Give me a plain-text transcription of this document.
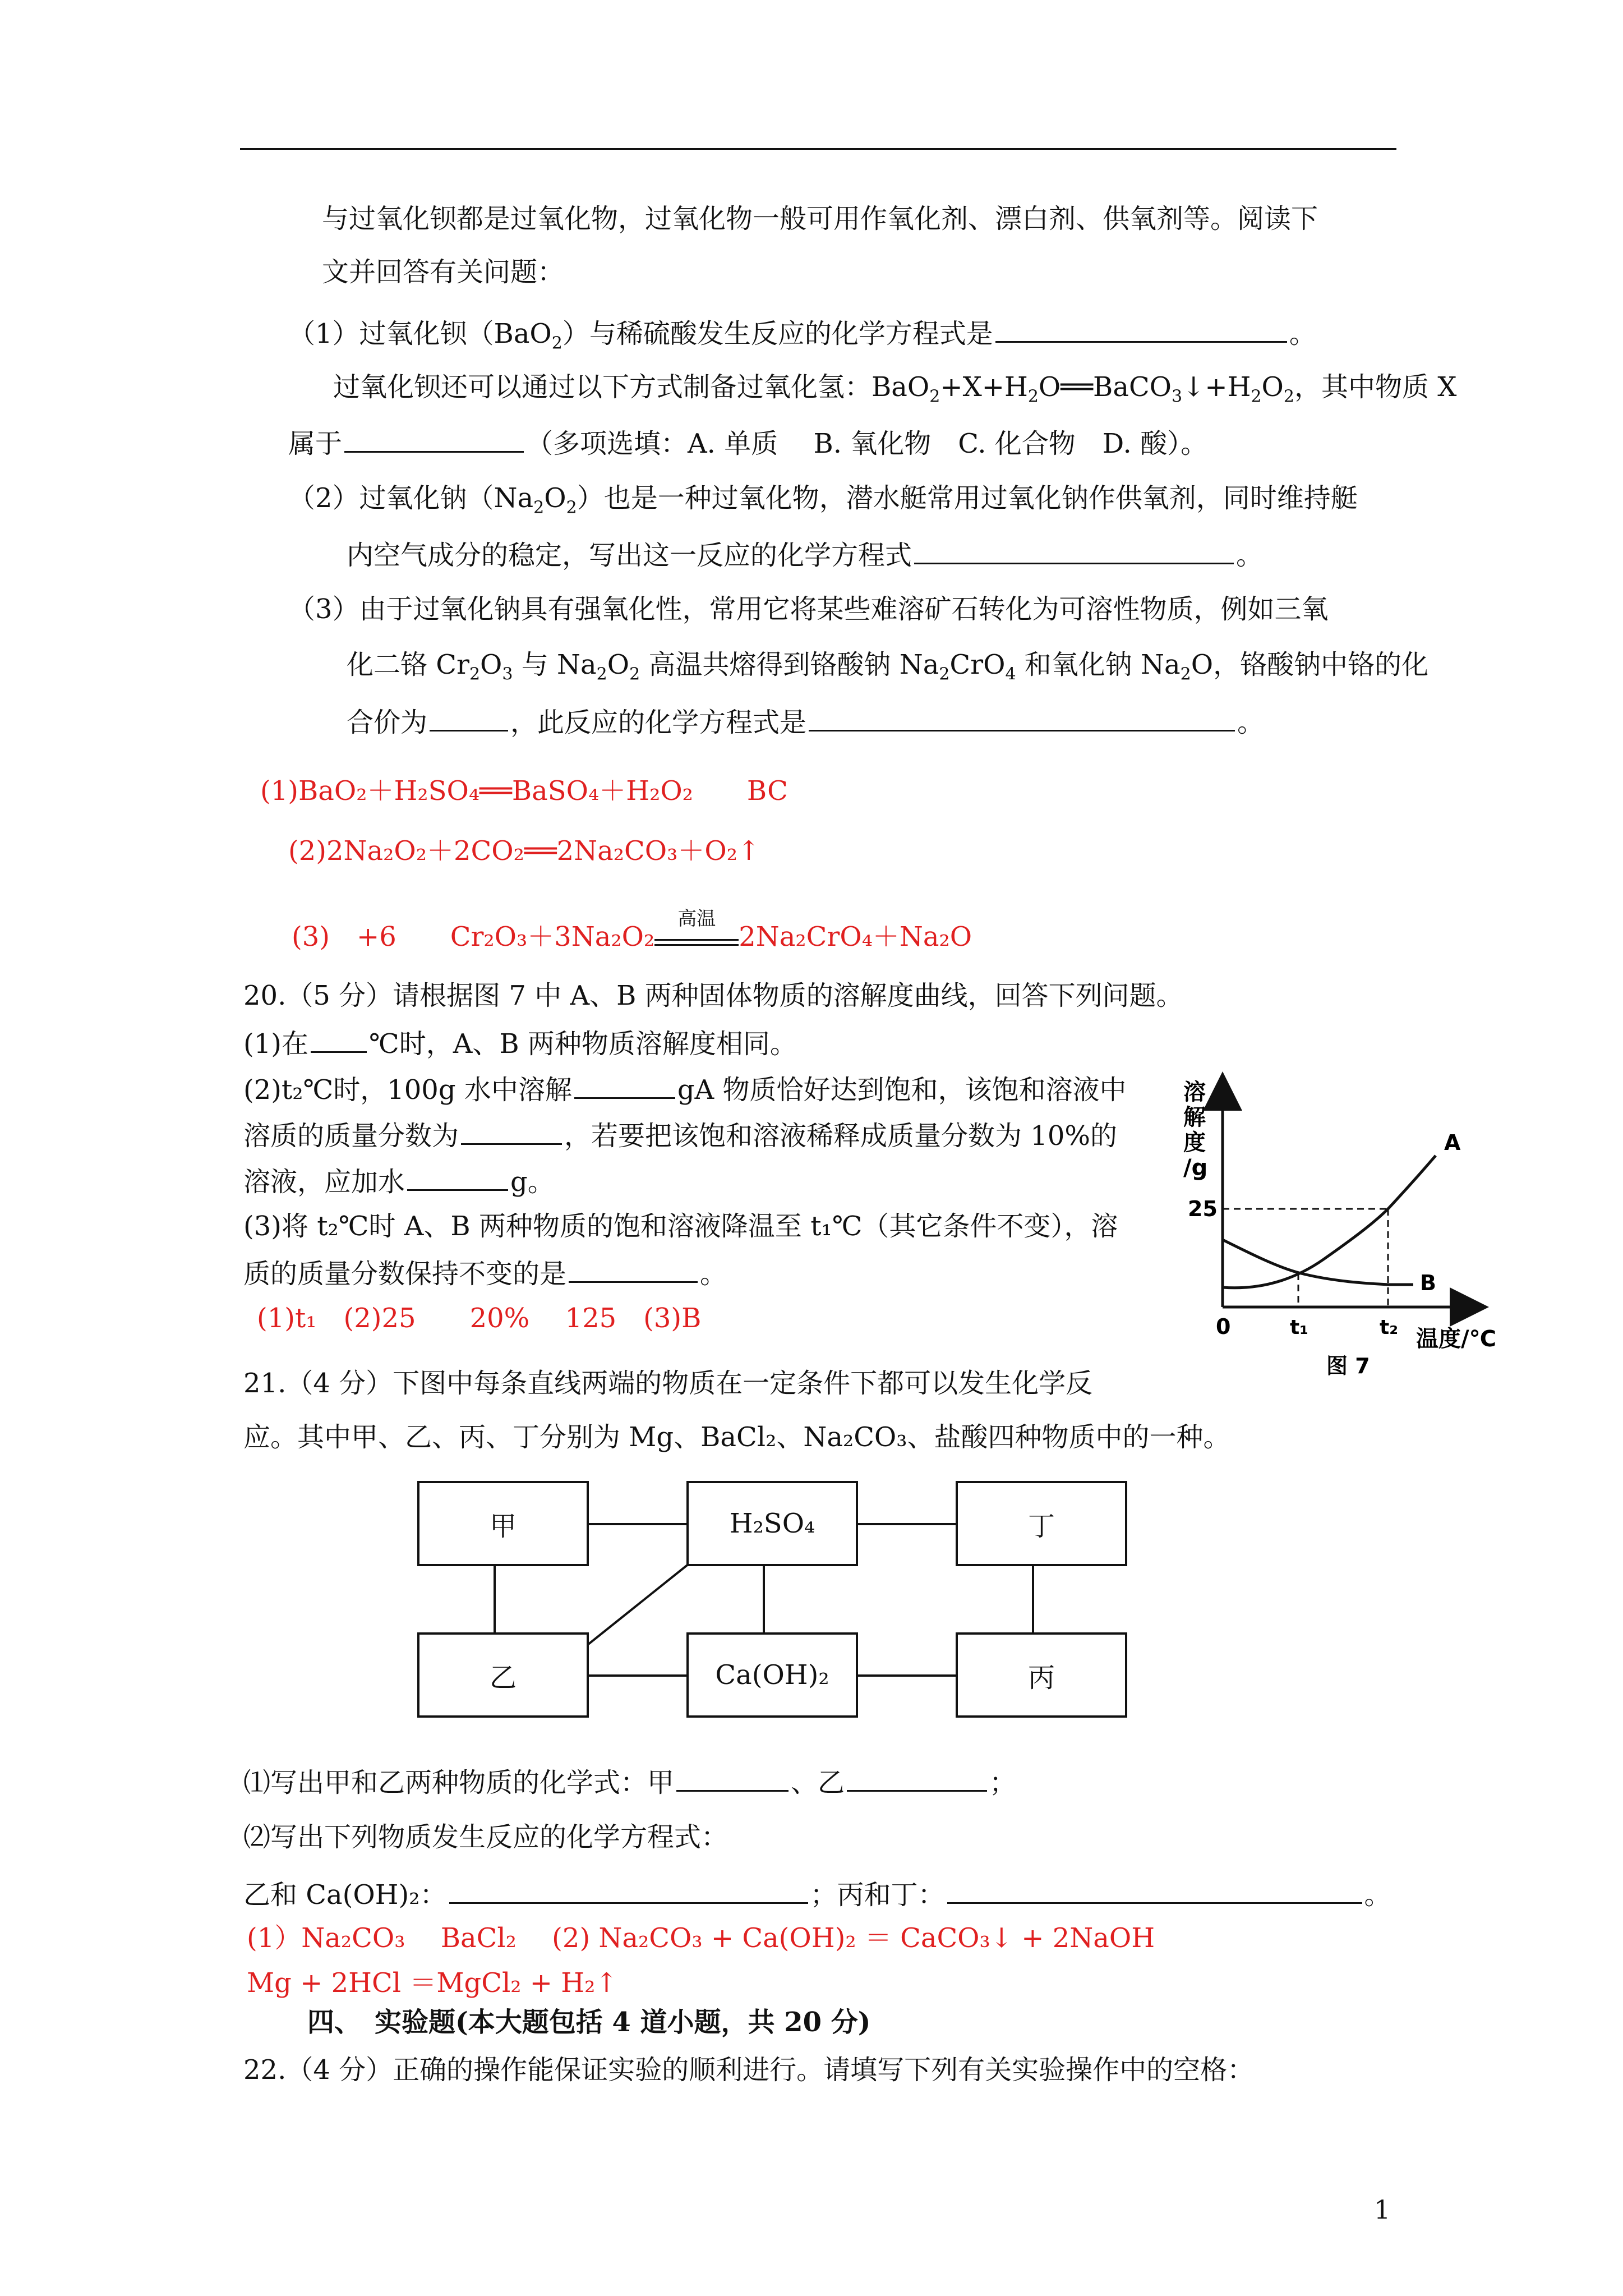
与过氧化钡都是过氧化物，过氧化物一般可用作氧化剂、漂白剂、供氧剂等。阅读下
文并回答有关问题：
（1）过氧化钡（BaO$_2$）与稀硫酸发生反应的化学方程式是	。
过氧化钡还可以通过以下方式制备过氧化氢：$BaO_2+X+H_2O══BaCO_3↓+H_2O_2$，其中物质 X
属于	（多项选填：A. 单质　 B. 氧化物　C. 化合物　D. 酸）。
（2）过氧化钠$(Na_2O_2)$也是一种过氧化物，潜水艇常用过氧化钠作供氧剂，同时维持艇
内空气成分的稳定，写出这一反应的化学方程式	。
（3）由于过氧化钠具有强氧化性，常用它将某些难溶矿石转化为可溶性物质，例如三氧
化二铬 $Cr_2O_3$ 与 $Na_2O_2$ 高温共熔得到铬酸钠 $Na_2CrO_4$ 和氧化钠 $Na_2O$，铬酸钠中铬的化
合价为	，此反应的化学方程式是	。
(1)BaO₂＋H₂SO₄══BaSO₄＋H₂O₂　　BC
(2)2Na₂O₂＋2CO₂══2Na₂CO₃＋O₂↑
(3)　+6　　Cr₂O₃＋3Na₂O₂
高温
2Na₂CrO₄＋Na₂O
20.（5 分）请根据图 7 中 A、B 两种固体物质的溶解度曲线，回答下列问题。
(1)在 ℃时，A、B 两种物质溶解度相同。
(2)t₂℃时，100g 水中溶解	gA 物质恰好达到饱和，该饱和溶液中
溶质的质量分数为	，若要把该饱和溶液稀释成质量分数为 10%的
溶液，应加水	g。
(3)将 t₂℃时 A、B 两种物质的饱和溶液降温至 t₁℃（其它条件不变），溶
质的质量分数保持不变的是	。
(1)t₁　(2)25　　20%　 125　(3)B
溶
解
度
/g
A
B
25
0	t₁	t₂ 温度/℃
图 7
21.（4 分）下图中每条直线两端的物质在一定条件下都可以发生化学反
应。其中甲、乙、丙、丁分别为 Mg、BaCl₂、Na₂CO₃、盐酸四种物质中的一种。
甲	H₂SO₄	丁
乙	Ca(OH)₂	丙
⑴写出甲和乙两种物质的化学式：甲	、乙	；
⑵写出下列物质发生反应的化学方程式：
乙和 Ca(OH)₂：	；丙和丁：	。
(1）Na₂CO₃　 BaCl₂　 (2) Na₂CO₃ + Ca(OH)₂ ＝ CaCO₃↓ + 2NaOH
Mg + 2HCl ＝MgCl₂ + H₂↑
四、　实验题(本大题包括 4 道小题，共 20 分)
22.（4 分）正确的操作能保证实验的顺利进行。请填写下列有关实验操作中的空格：
1
